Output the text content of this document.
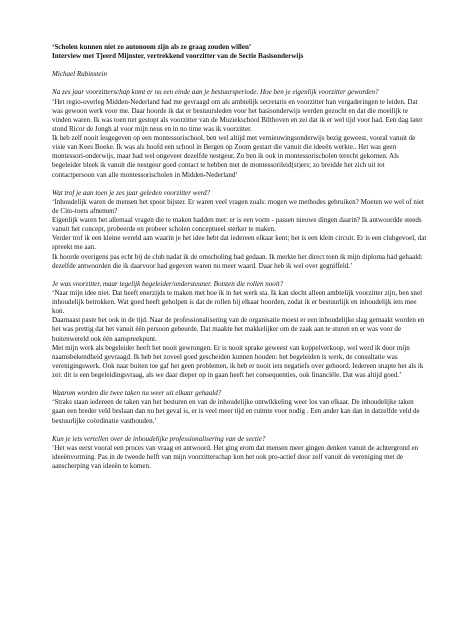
‘Scholen kunnen niet zo autonoom zijn als ze graag zouden willen’
Interview met Tjeerd Mijnster, vertrekkend voorzitter van de Sectie Basisonderwijs
Michael Rubinstein
Na zes jaar voorzitterschap komt er nu een einde aan je bestuursperiode. Hoe ben je eigenlijk voorzitter geworden?
‘Het regio-overleg Midden-Nederland had me gevraagd om als ambtelijk secretaris en voorzitter han vergaderingen te leiden. Dat was gewoon werk voor me. Daar hoorde ik dat er bestuursleden voor het basisonderwijs werden gezocht en dat die moeilijk te vinden waren. Ik was toen net gestopt als voorzitter van de Muziekschool Bilthoven en zei dat ik er wel tijd voor had. Een dag later stond Ricor de Jongh al voor mijn neus en in no time was ik voorzitter.
Ik heb zelf nooit lesgegeven op een montessorischool, ben wel altijd met vernieuwingsonderwijs bezig geweest, vooral vanuit de visie van Kees Boeke. Ik was als hoofd een school in Bergen op Zoom gestart die vanuit die ideeën werkte.. Het was geen montessori-onderwijs, maar had wel ongeveer dezelfde nestgeur. Zo ben ik ook in montessorischolen terecht gekomen. Als begeleider bleek ik vanuit die nestgeur goed contact te hebben met de montessorileid(st)ers; zo breidde het zich uit tot contactpersoon van alle montessorischolen in Midden-Nederland’
Wat trof je aan toen je zes jaar geleden voorzitter werd?
‘Inhoudelijk waren de mensen het spoor bijster. Er waren veel vragen zoals: mogen we methodes gebruiken? Moeten we wel of niet de Cito-toets afnemen?
Eigenlijk waren het allemaal vragen die te maken hadden met: er is een vorm - passen nieuwe dingen daarin? Ik antwoordde steeds vanuit het concept, probeerde en probeer scholen conceptueel sterker te maken.
Verder trof ik een kleine wereld aan waarin je het idee hebt dat iedereen elkaar kent; het is een klein circuit. Er is een clubgevoel, dat spreekt me aan.
Ik hoorde overigens pas echt bij de club nadat ik de omscholing had gedaan. Ik merkte het direct toen ik mijn diploma had gehaald: dezelfde antwoorden die ik daarvoor had gegeven waren nu meer waard. Daar heb ik wel over gegniffeld.’
Je was voorzitter, maar tegelijk begeleider/ondersteuner. Botsten die rollen nooit?
‘Naar mijn idee niet. Dat heeft enerzijds te maken met hoe ik in het werk sta. Ik kan slecht alleen ambtelijk voorzitter zijn, ben snel inhoudelijk betrokken. Wat goed heeft geholpen is dat de rollen bij elkaar hoorden, zodat ik er bestuurlijk en inhoudelijk iets mee kon.
Daarnaast paste het ook in de tijd. Naar de professionalisering van de organisatie moest er een inhoudelijke slag gemaakt worden en het was prettig dat het vanuit één persoon gebeurde. Dat maakte het makkelijker om de zaak aan te sturen en er was voor de buitenwereld ook één aanspreekpunt.
Met mijn werk als begeleider heeft het nooit gewrongen. Er is nooit sprake geweest van koppelverkoop, wel werd ik door mijn naamsbekendheid gevraagd. Ik heb het zoveel goed gescheiden kunnen houden: het begeleiden is werk, de consultatie was verenigingswerk. Ook naar buiten toe gaf het geen problemen, ik heb er nooit iets negatiefs over gehoord. Iedereen snapte het als ik zei: dit is een begeleidingsvraag, als we daar dieper op in gaan heeft het consequenties, ook financiële. Dat was altijd goed.’
Waarom worden die twee taken nu weer uit elkaar gehaald?
‘Straks staan iedereen de taken van het besturen en van de inhoudelijke ontwikkeling weer los van elkaar. De inhoudelijke taken gaan een breder veld beslaan dan nu het geval is, er is veel meer tijd en ruimte voor nodig . Een ander kan dan in datzelfde veld de bestuurlijke coördinatie vasthouden.’
Kun je iets vertellen over de inhoudelijke professionalisering van de sectie?
‘Het was eerst vooral een proces van vraag en antwoord. Het ging erom dat mensen meer gingen denken vanuit de achtergrond en ideeënvorming. Pas in de tweede helft van mijn voorzitterschap kon het ook pro-actief door zelf vanuit de vereniging met de aanscherping van ideeën te komen.
